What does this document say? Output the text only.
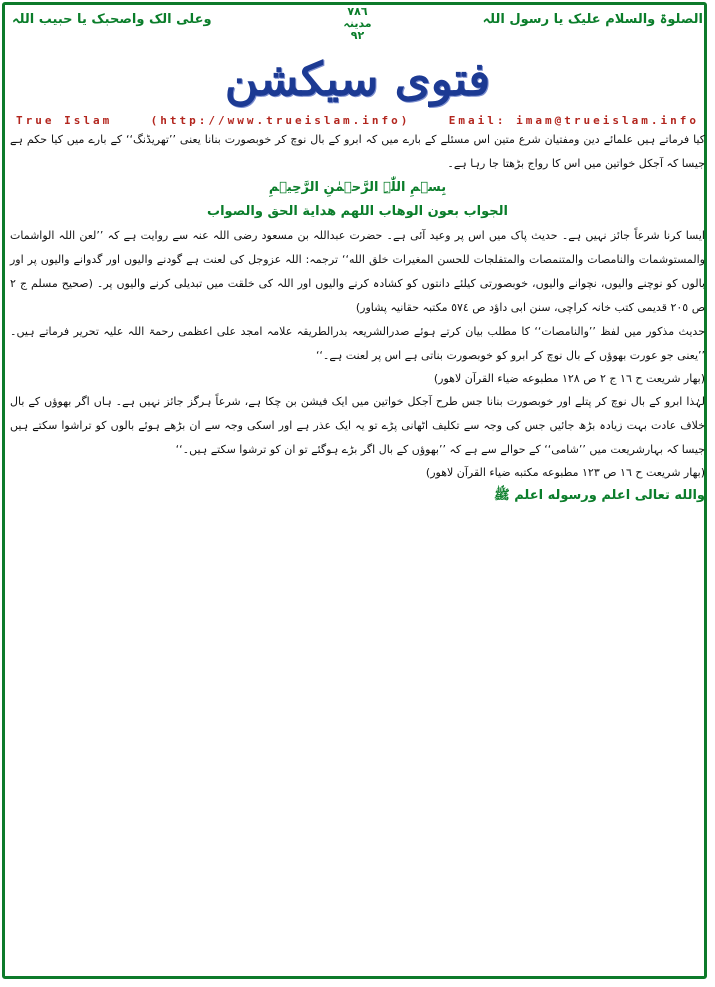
الصلوۃ والسلام علیک یا رسول اللہ
٧٨٦
مدینہ
٩٢
وعلی الک واصحبک یا حبیب اللہ
فتوی سیکشن
True Islam	(http://www.trueislam.info)	Email: imam@trueislam.info

کیا فرماتے ہیں علمائے دین ومفتیان شرع متین اس مسئلے کے بارے میں کہ ابرو کے بال نوچ کر خوبصورت بنانا یعنی ’’تھریڈنگ‘‘ کے بارے میں کیا حکم ہے جیسا کہ آجکل خواتین میں اس کا رواج بڑھتا جا رہا ہے۔

بِسۡمِ اللّٰہِ الرَّحۡمٰنِ الرَّحِیۡمِ

الجواب بعون الوهاب اللهم هداية الحق والصواب

ایسا کرنا شرعاً جائز نہیں ہے۔ حدیث پاک میں اس پر وعید آئی ہے۔ حضرت عبداللہ بن مسعود رضی اللہ عنہ سے روایت ہے کہ ’’لعن اللہ الواشمات والمستوشمات والنامصات والمتنمصات والمتفلجات للحسن المغيرات خلق الله‘‘ ترجمہ: اللہ عزوجل کی لعنت ہے گودنے والیوں اور گدوانے والیوں پر اور بالوں کو نوچنے والیوں، نچوانے والیوں، خوبصورتی کیلئے دانتوں کو کشادہ کرنے والیوں اور اللہ کی خلقت میں تبدیلی کرنے والیوں پر۔ (صحیح مسلم ج ٢ ص ٢٠٥ قدیمی کتب خانہ کراچی، سنن ابی داؤد ص ٥٧٤ مکتبہ حقانیہ پشاور)

حدیث مذکور میں لفظ ’’والنامصات‘‘ کا مطلب بیان کرتے ہوئے صدرالشریعہ بدرالطریقہ علامہ امجد علی اعظمی رحمۃ اللہ علیہ تحریر فرماتے ہیں۔ ’’یعنی جو عورت بھوؤں کے بال نوچ کر ابرو کو خوبصورت بناتی ہے اس پر لعنت ہے۔‘‘

(بهار شريعت ح ١٦ ج ٢ ص ١٢٨ مطبوعه ضياء القرآن لاهور)

لہٰذا ابرو کے بال نوچ کر پتلے اور خوبصورت بنانا جس طرح آجکل خواتین میں ایک فیشن بن چکا ہے، شرعاً ہرگز جائز نہیں ہے۔ ہاں اگر بھوؤں کے بال خلاف عادت بہت زیادہ بڑھ جائیں جس کی وجہ سے تکلیف اٹھانی پڑے تو یہ ایک عذر ہے اور اسکی وجہ سے ان بڑھے ہوئے بالوں کو تراشوا سکتے ہیں جیسا کہ بہارشریعت میں ’’شامی‘‘ کے حوالے سے ہے کہ ’’بھوؤں کے بال اگر بڑے ہوگئے تو ان کو ترشوا سکتے ہیں۔‘‘

(بهار شريعت ح ١٦ ص ١٢٣ مطبوعه مكتبه ضياء القرآن لاهور)

والله تعالى اعلم ورسوله اعلم ﷺ
